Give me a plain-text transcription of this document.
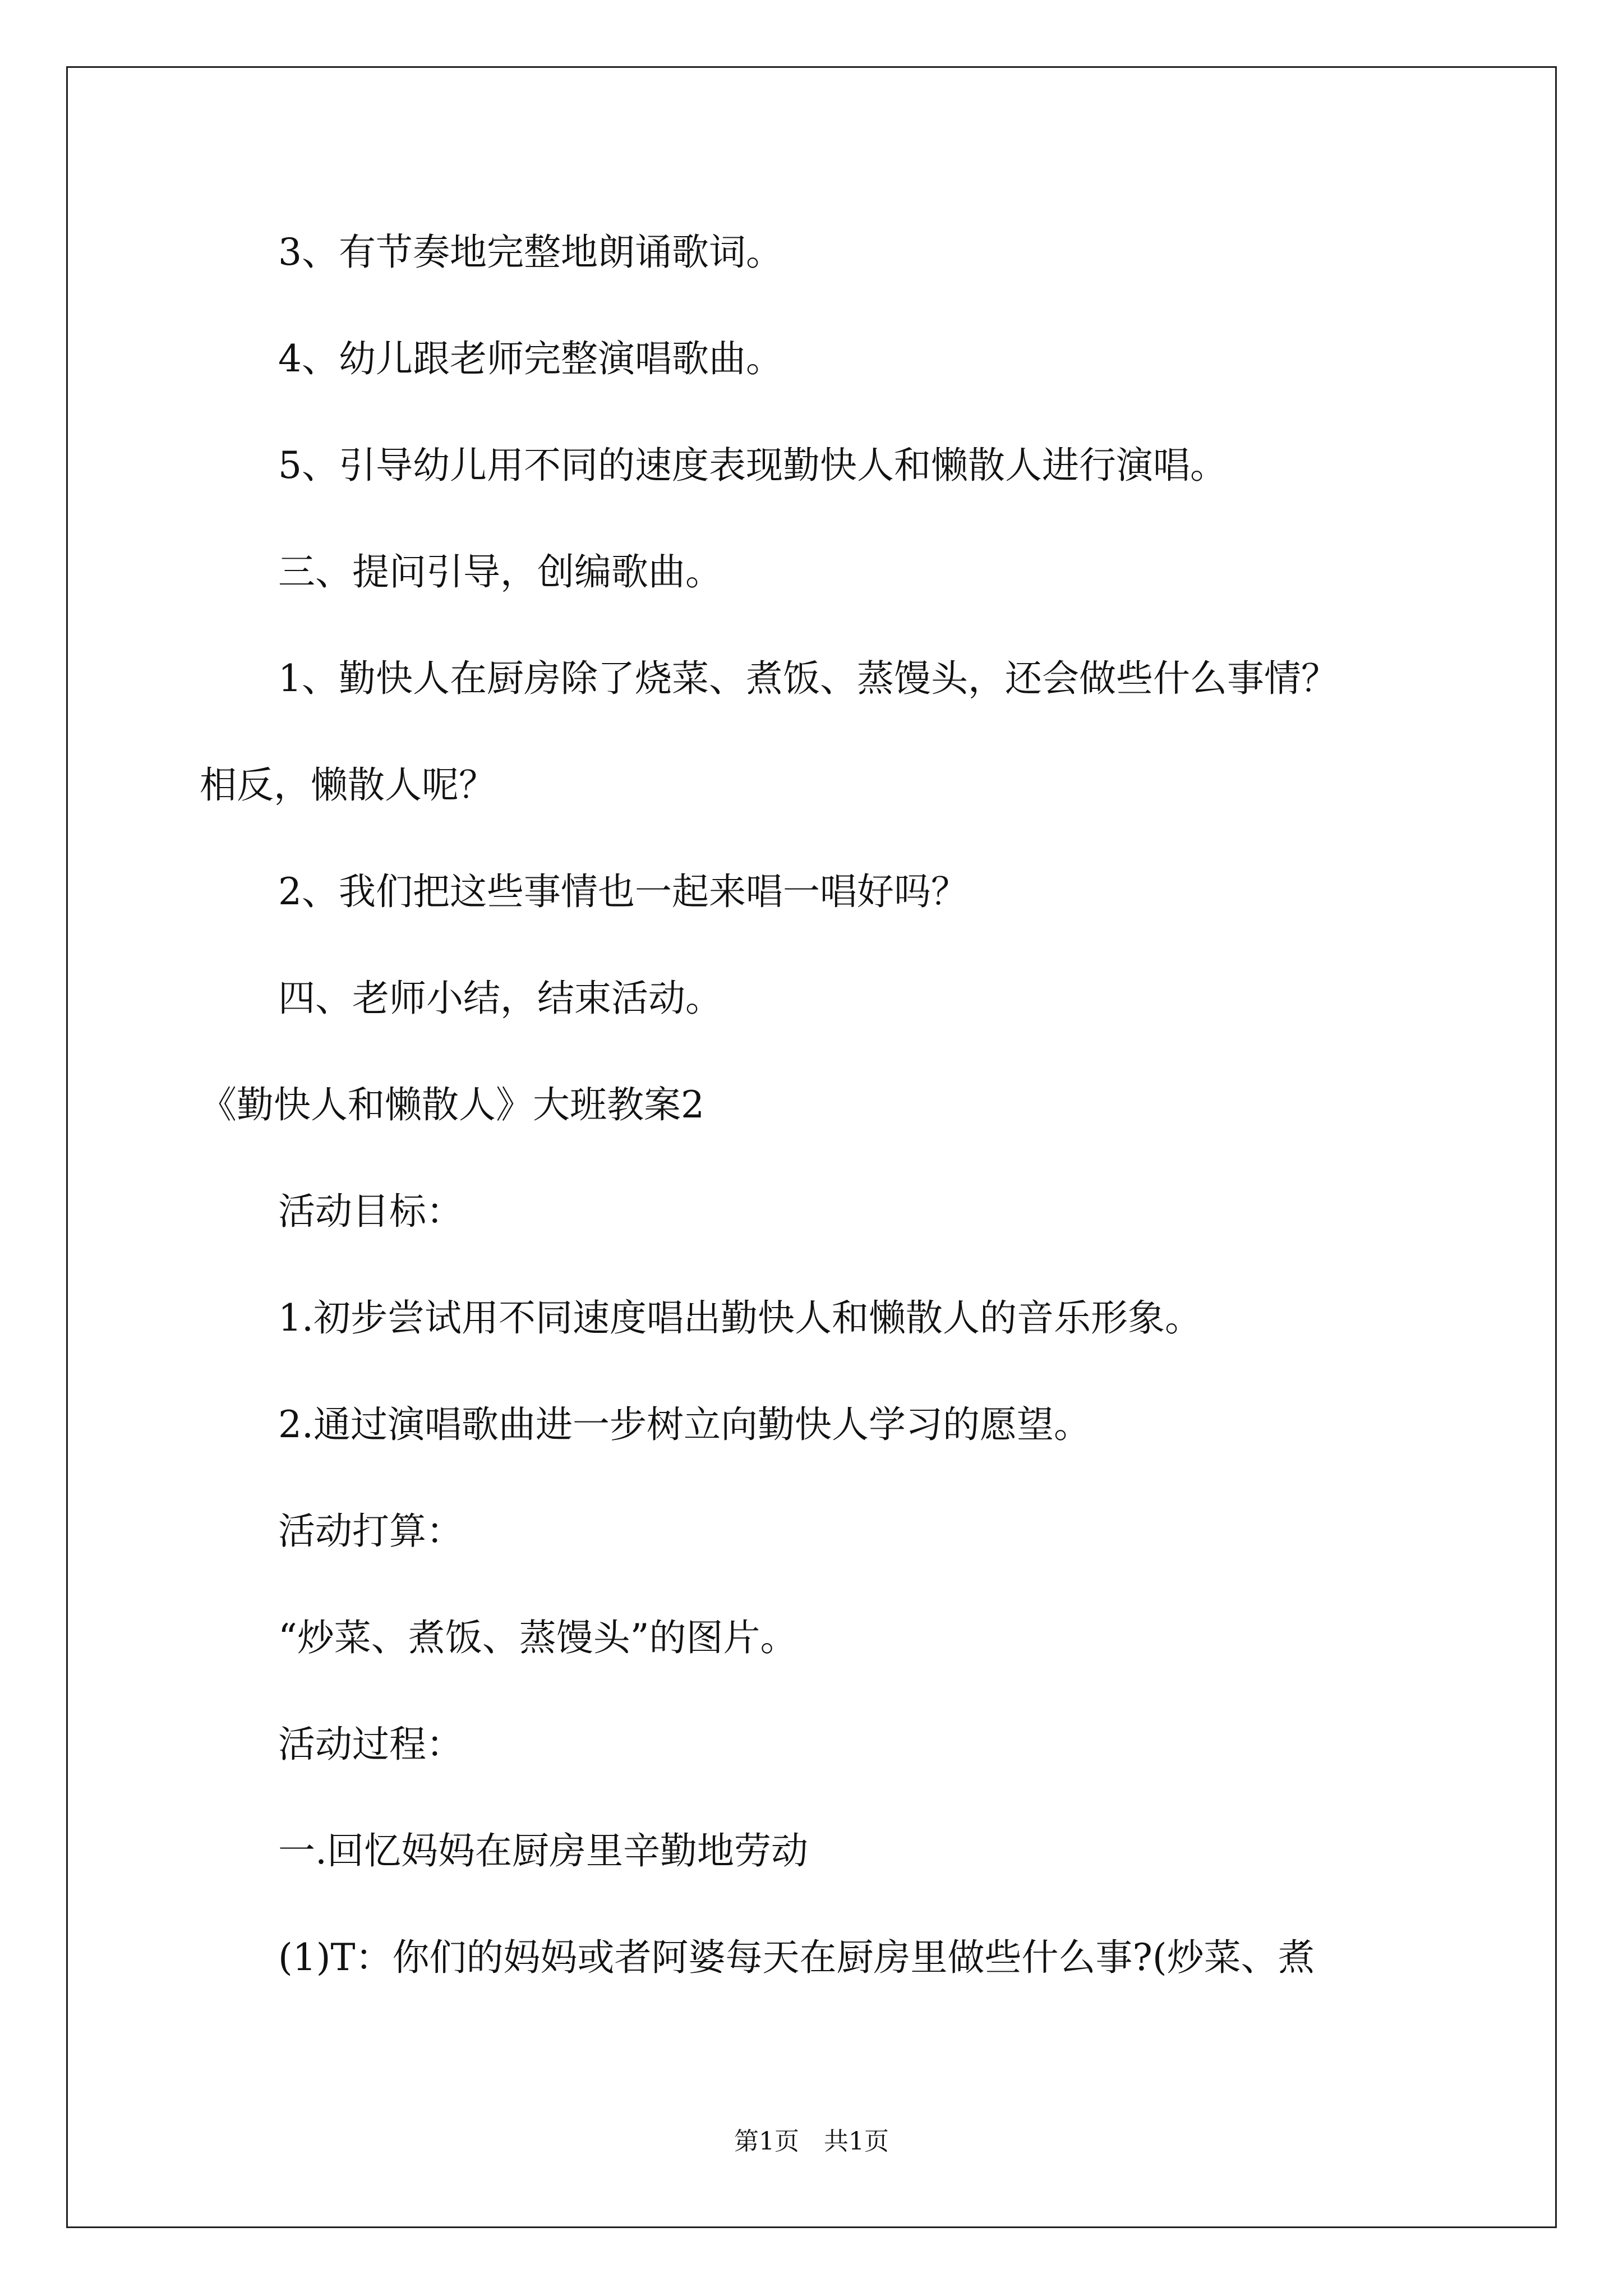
3、有节奏地完整地朗诵歌词。
4、幼儿跟老师完整演唱歌曲。
5、引导幼儿用不同的速度表现勤快人和懒散人进行演唱。
三、提问引导，创编歌曲。
1、勤快人在厨房除了烧菜、煮饭、蒸馒头，还会做些什么事情？
相反，懒散人呢？
2、我们把这些事情也一起来唱一唱好吗？
四、老师小结，结束活动。
《勤快人和懒散人》大班教案2
活动目标：
1.初步尝试用不同速度唱出勤快人和懒散人的音乐形象。
2.通过演唱歌曲进一步树立向勤快人学习的愿望。
活动打算：
“炒菜、煮饭、蒸馒头”的图片。
活动过程：
一.回忆妈妈在厨房里辛勤地劳动
(1)T：你们的妈妈或者阿婆每天在厨房里做些什么事?(炒菜、煮
第1页　共1页
